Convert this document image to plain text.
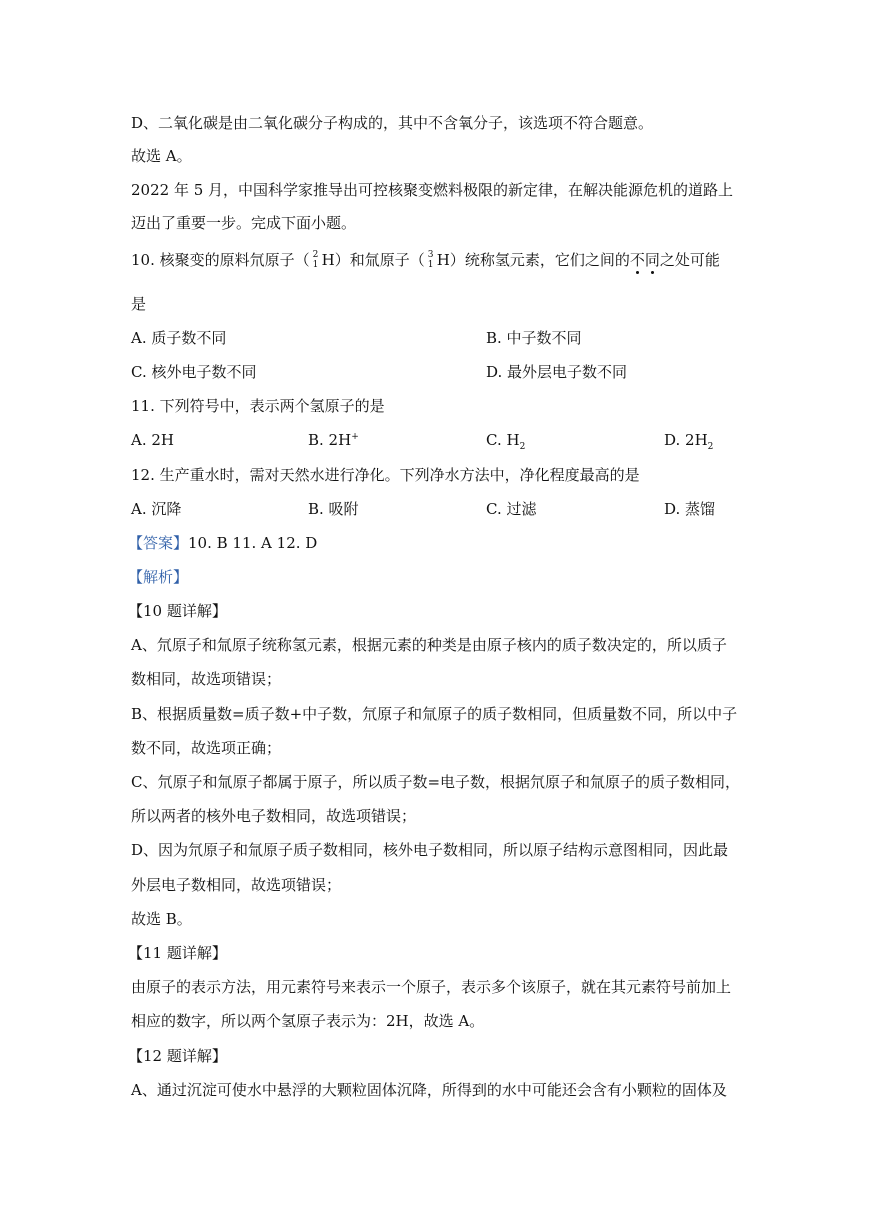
D、二氧化碳是由二氧化碳分子构成的，其中不含氧分子，该选项不符合题意。
故选 A。
2022 年 5 月，中国科学家推导出可控核聚变燃料极限的新定律，在解决能源危机的道路上
迈出了重要一步。完成下面小题。
10. 核聚变的原料氘原子（ 2
1 H）和氚原子（ 3
1 H）统称氢元素，它们之间的不同之处可能
是
A. 质子数不同	B. 中子数不同
C. 核外电子数不同	D. 最外层电子数不同
11. 下列符号中，表示两个氢原子的是
A. 2H	B. 2H+	C. $H_2$	D. $2H_2$
12. 生产重水时，需对天然水进行净化。下列净水方法中，净化程度最高的是
A. 沉降	B. 吸附	C. 过滤	D. 蒸馏
【答案】10. B 11. A 12. D
【解析】
【10 题详解】
A、氘原子和氚原子统称氢元素，根据元素的种类是由原子核内的质子数决定的，所以质子
数相同，故选项错误；
B、根据质量数=质子数+中子数，氘原子和氚原子的质子数相同，但质量数不同，所以中子
数不同，故选项正确；
C、氘原子和氚原子都属于原子，所以质子数=电子数，根据氘原子和氚原子的质子数相同，
所以两者的核外电子数相同，故选项错误；
D、因为氘原子和氚原子质子数相同，核外电子数相同，所以原子结构示意图相同，因此最
外层电子数相同，故选项错误；
故选 B。
【11 题详解】
由原子的表示方法，用元素符号来表示一个原子，表示多个该原子，就在其元素符号前加上
相应的数字，所以两个氢原子表示为：2H，故选 A。
【12 题详解】
A、通过沉淀可使水中悬浮的大颗粒固体沉降，所得到的水中可能还会含有小颗粒的固体及
